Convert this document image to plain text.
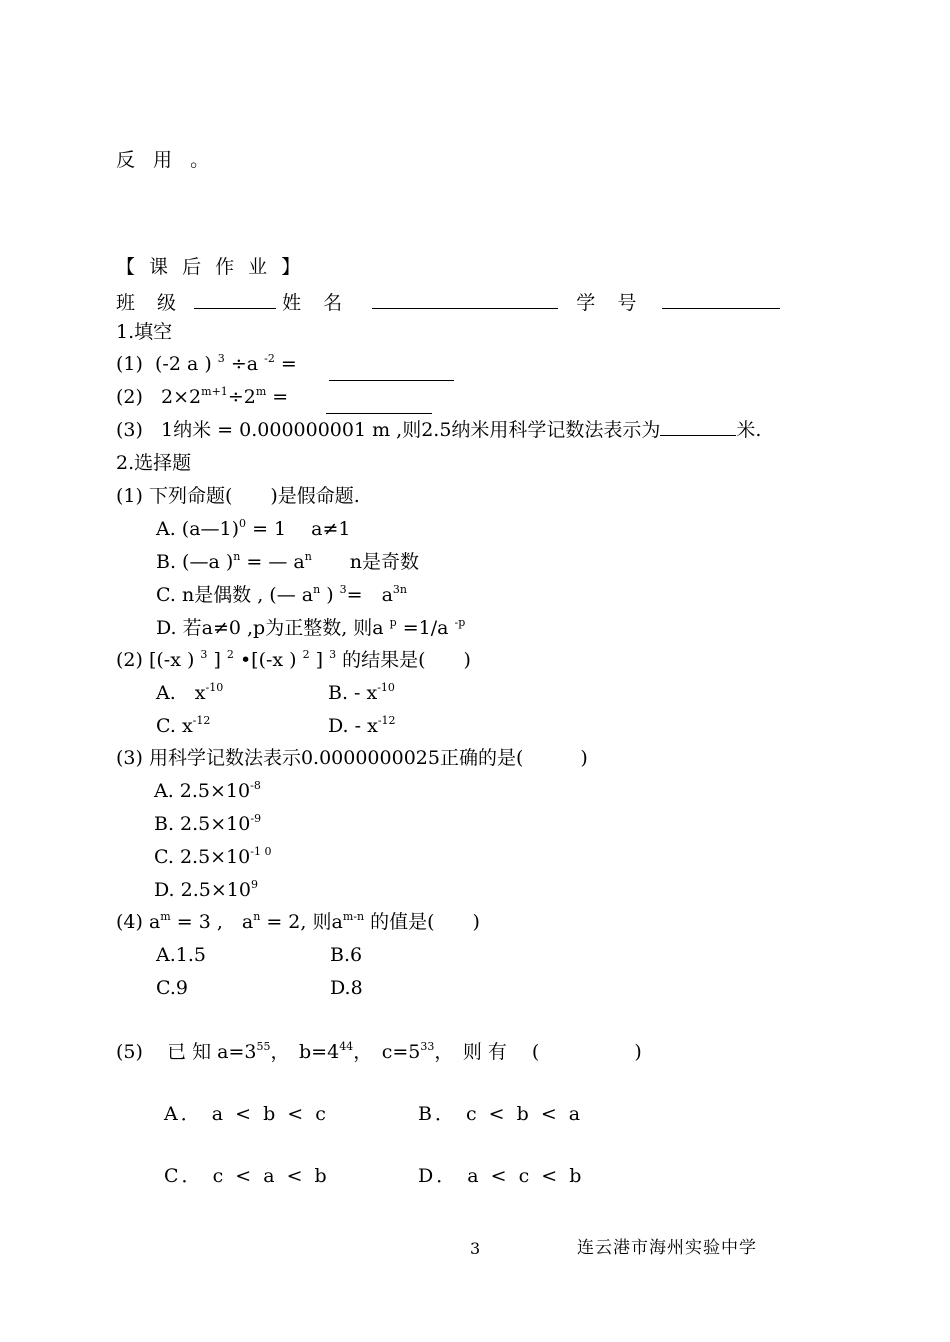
反 用 。
【 课 后 作 业 】
班 级	姓 名	学 号
1.填空
(1) (-2 a ) $^3$ ÷a $^{-2}$ =
(2) $2\times 2^{m+1}\div 2^m$ =
(3) 1纳米 = 0.000000001 m ,则2.5纳米用科学记数法表示为	米.
2.选择题
(1) 下列命题(　　)是假命题.
A. (a—1)$^0$ = 1　 a≠1
B. (—a )$^n$ = — $a^n$　　n是奇数
C. n是偶数 , (— $a^n$ ) $^3$=　$a^{3n}$
D. 若a≠0 ,p为正整数, 则a $^p$ =1/a $^{-p}$
(2) [(-x ) $^3$ ] $^2$ •[(-x ) $^2$ ] $^3$ 的结果是(　　)
A.　$x^{-10}$	B. - $x^{-10}$
C. $x^{-12}$	D. - $x^{-12}$
(3) 用科学记数法表示0.0000000025正确的是(　　　)
A. $2.5\times 10^{-8}$
B. $2.5\times 10^{-9}$
C. $2.5\times 10^{-1 0}$
D. $2.5\times 10^9$
(4) $a^m = 3$ ,　$a^n = 2$, 则$a^{m-n}$ 的值是(　　)
A.1.5	B.6
C.9	D.8
(5) 已 知 $a=3^{55}$，　$b=4^{44}$，　$c=5^{33}$，　则 有　 (　　　　　)
A． a < b < c	B． c < b < a
C． c < a < b	D． a < c < b
3	连云港市海州实验中学
